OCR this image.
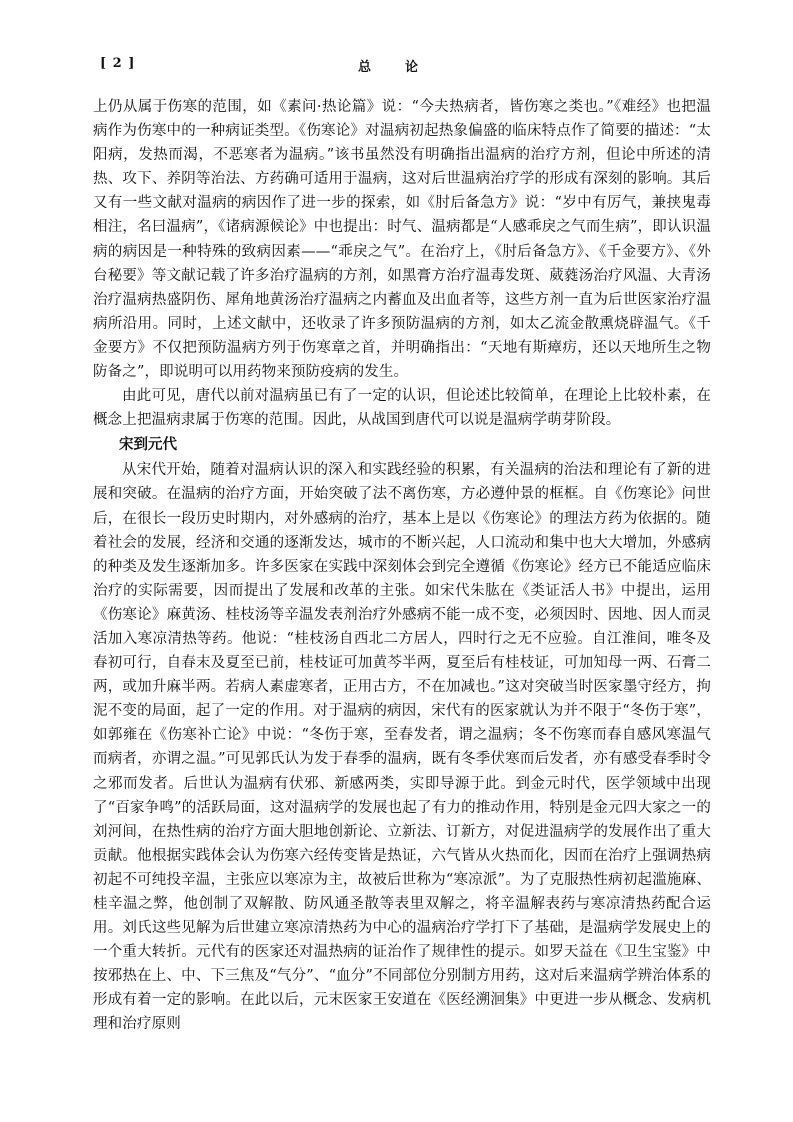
[ 2 ]	总论

上仍从属于伤寒的范围，如《素问·热论篇》说：“今夫热病者，皆伤寒之类也。”《难经》也把温病作为伤寒中的一种病证类型。《伤寒论》对温病初起热象偏盛的临床特点作了简要的描述：“太阳病，发热而渴，不恶寒者为温病。”该书虽然没有明确指出温病的治疗方剂，但论中所述的清热、攻下、养阴等治法、方药确可适用于温病，这对后世温病治疗学的形成有深刻的影响。其后又有一些文献对温病的病因作了进一步的探索，如《肘后备急方》说：“岁中有厉气，兼挟鬼毒相注，名曰温病”，《诸病源候论》中也提出：时气、温病都是“人感乖戾之气而生病”，即认识温病的病因是一种特殊的致病因素——“乖戾之气”。在治疗上，《肘后备急方》、《千金要方》、《外台秘要》等文献记载了许多治疗温病的方剂，如黑膏方治疗温毒发斑、葳蕤汤治疗风温、大青汤治疗温病热盛阴伤、犀角地黄汤治疗温病之内蓄血及出血者等，这些方剂一直为后世医家治疗温病所沿用。同时，上述文献中，还收录了许多预防温病的方剂，如太乙流金散熏烧辟温气。《千金要方》不仅把预防温病方列于伤寒章之首，并明确指出：“天地有斯瘴疠，还以天地所生之物防备之”，即说明可以用药物来预防疫病的发生。

由此可见，唐代以前对温病虽已有了一定的认识，但论述比较简单，在理论上比较朴素，在概念上把温病隶属于伤寒的范围。因此，从战国到唐代可以说是温病学萌芽阶段。

宋到元代

从宋代开始，随着对温病认识的深入和实践经验的积累，有关温病的治法和理论有了新的进展和突破。在温病的治疗方面，开始突破了法不离伤寒，方必遵仲景的框框。自《伤寒论》问世后，在很长一段历史时期内，对外感病的治疗，基本上是以《伤寒论》的理法方药为依据的。随着社会的发展，经济和交通的逐渐发达，城市的不断兴起，人口流动和集中也大大增加，外感病的种类及发生逐渐加多。许多医家在实践中深刻体会到完全遵循《伤寒论》经方已不能适应临床治疗的实际需要，因而提出了发展和改革的主张。如宋代朱肱在《类证活人书》中提出，运用《伤寒论》麻黄汤、桂枝汤等辛温发表剂治疗外感病不能一成不变，必须因时、因地、因人而灵活加入寒凉清热等药。他说：“桂枝汤自西北二方居人，四时行之无不应验。自江淮间，唯冬及春初可行，自春末及夏至已前，桂枝证可加黄芩半两，夏至后有桂枝证，可加知母一两、石膏二两，或加升麻半两。若病人素虚寒者，正用古方，不在加减也。”这对突破当时医家墨守经方，拘泥不变的局面，起了一定的作用。对于温病的病因，宋代有的医家就认为并不限于“冬伤于寒”，如郭雍在《伤寒补亡论》中说：“冬伤于寒，至春发者，谓之温病；冬不伤寒而春自感风寒温气而病者，亦谓之温。”可见郭氏认为发于春季的温病，既有冬季伏寒而后发者，亦有感受春季时令之邪而发者。后世认为温病有伏邪、新感两类，实即导源于此。到金元时代，医学领域中出现了“百家争鸣”的活跃局面，这对温病学的发展也起了有力的推动作用，特别是金元四大家之一的刘河间，在热性病的治疗方面大胆地创新论、立新法、订新方，对促进温病学的发展作出了重大贡献。他根据实践体会认为伤寒六经传变皆是热证，六气皆从火热而化，因而在治疗上强调热病初起不可纯投辛温，主张应以寒凉为主，故被后世称为“寒凉派”。为了克服热性病初起滥施麻、桂辛温之弊，他创制了双解散、防风通圣散等表里双解之，将辛温解表药与寒凉清热药配合运用。刘氏这些见解为后世建立寒凉清热药为中心的温病治疗学打下了基础，是温病学发展史上的一个重大转折。元代有的医家还对温热病的证治作了规律性的提示。如罗天益在《卫生宝鉴》中按邪热在上、中、下三焦及“气分”、“血分”不同部位分别制方用药，这对后来温病学辨治体系的形成有着一定的影响。在此以后，元末医家王安道在《医经溯洄集》中更进一步从概念、发病机理和治疗原则
